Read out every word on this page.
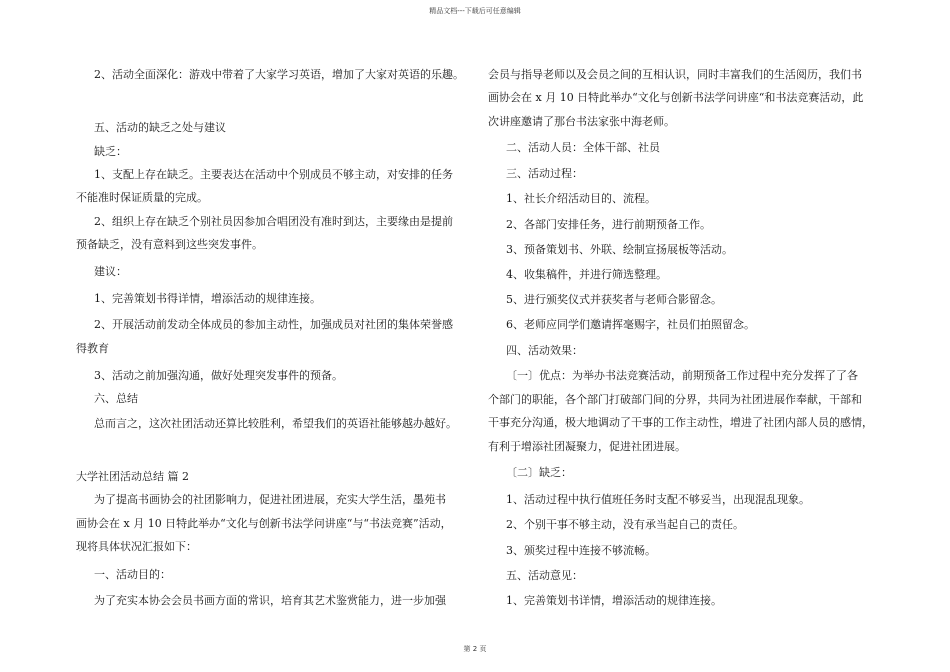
精品文档---下载后可任意编辑
2、活动全面深化：游戏中带着了大家学习英语，增加了大家对英语的乐趣。
五、活动的缺乏之处与建议
缺乏：
1、支配上存在缺乏。主要表达在活动中个别成员不够主动，对安排的任务
不能准时保证质量的完成。
2、组织上存在缺乏个别社员因参加合唱团没有准时到达，主要缘由是提前
预备缺乏，没有意料到这些突发事件。
建议：
1、完善策划书得详情，增添活动的规律连接。
2、开展活动前发动全体成员的参加主动性，加强成员对社团的集体荣誉感
得教育
3、活动之前加强沟通，做好处理突发事件的预备。
六、总结
总而言之，这次社团活动还算比较胜利，希望我们的英语社能够越办越好。
大学社团活动总结 篇 2
为了提高书画协会的社团影响力，促进社团进展，充实大学生活，墨苑书
画协会在 x 月 10 日特此举办“文化与创新书法学问讲座“与“书法竞赛”活动，
现将具体状况汇报如下：
一、活动目的：
为了充实本协会会员书画方面的常识，培育其艺术鉴赏能力，进一步加强
会员与指导老师以及会员之间的互相认识，同时丰富我们的生活阅历，我们书
画协会在 x 月 10 日特此举办“文化与创新书法学问讲座“和书法竞赛活动，此
次讲座邀请了那台书法家张中海老师。
二、活动人员：全体干部、社员
三、活动过程：
1、社长介绍活动目的、流程。
2、各部门安排任务，进行前期预备工作。
3、预备策划书、外联、绘制宣扬展板等活动。
4、收集稿件，并进行筛选整理。
5、进行颁奖仪式并获奖者与老师合影留念。
6、老师应同学们邀请挥毫赐字，社员们拍照留念。
四、活动效果：
〔一〕优点：为举办书法竞赛活动，前期预备工作过程中充分发挥了了各
个部门的职能，各个部门打破部门间的分界，共同为社团进展作奉献，干部和
干事充分沟通，极大地调动了干事的工作主动性，增进了社团内部人员的感情，
有利于增添社团凝聚力，促进社团进展。
〔二〕缺乏：
1、活动过程中执行值班任务时支配不够妥当，出现混乱现象。
2、个别干事不够主动，没有承当起自己的责任。
3、颁奖过程中连接不够流畅。
五、活动意见：
1、完善策划书详情，增添活动的规律连接。
第 2 页
